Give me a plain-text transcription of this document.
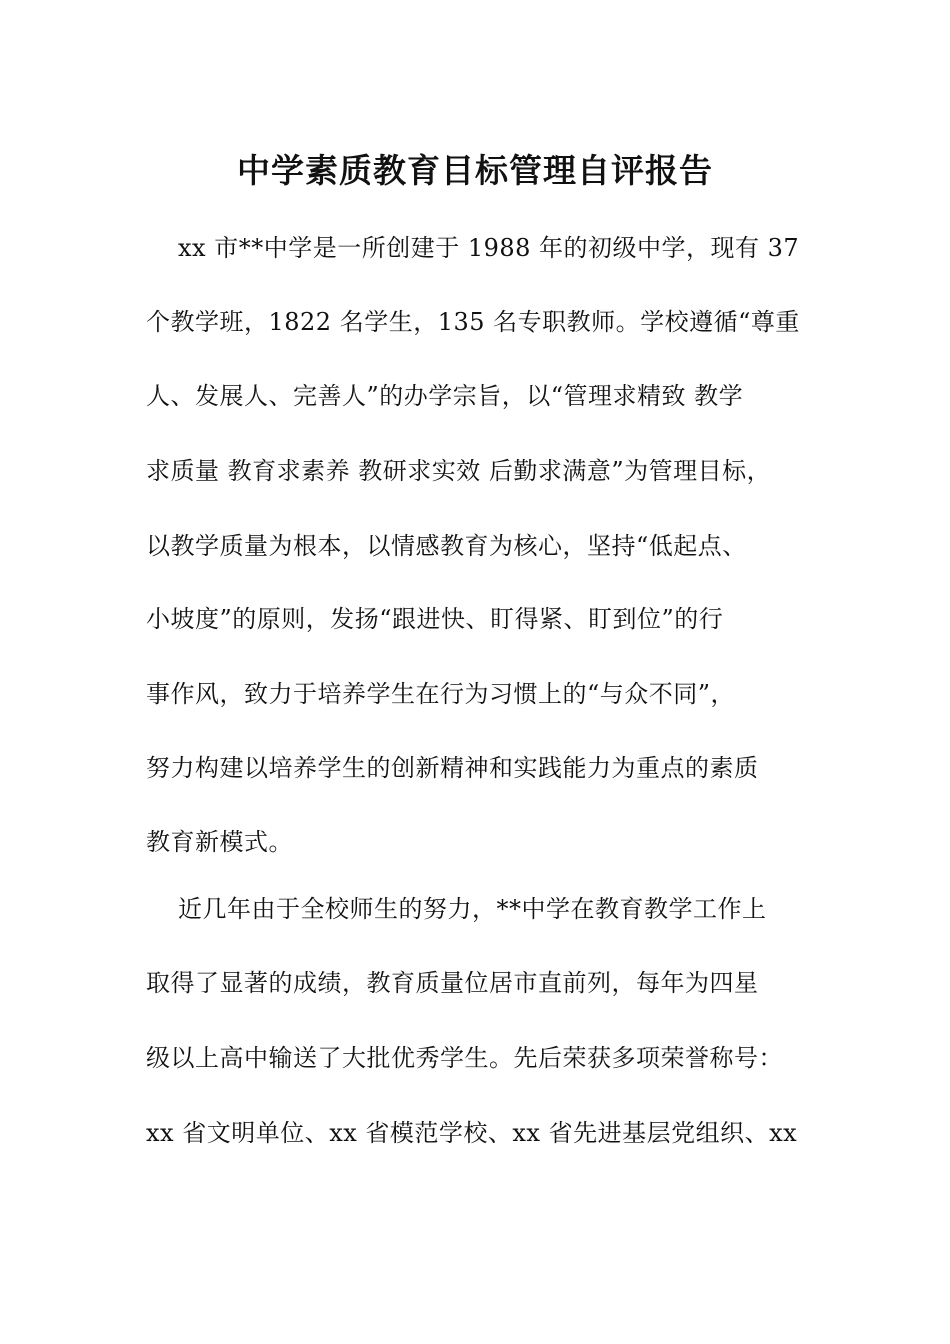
中学素质教育目标管理自评报告
xx 市**中学是一所创建于 1988 年的初级中学，现有 37
个教学班，1822 名学生，135 名专职教师。学校遵循“尊重
人、发展人、完善人”的办学宗旨，以“管理求精致 教学
求质量 教育求素养 教研求实效 后勤求满意”为管理目标，
以教学质量为根本，以情感教育为核心，坚持“低起点、
小坡度”的原则，发扬“跟进快、盯得紧、盯到位”的行
事作风，致力于培养学生在行为习惯上的“与众不同”，
努力构建以培养学生的创新精神和实践能力为重点的素质
教育新模式。
近几年由于全校师生的努力，**中学在教育教学工作上
取得了显著的成绩，教育质量位居市直前列，每年为四星
级以上高中输送了大批优秀学生。先后荣获多项荣誉称号：
xx 省文明单位、xx 省模范学校、xx 省先进基层党组织、xx
